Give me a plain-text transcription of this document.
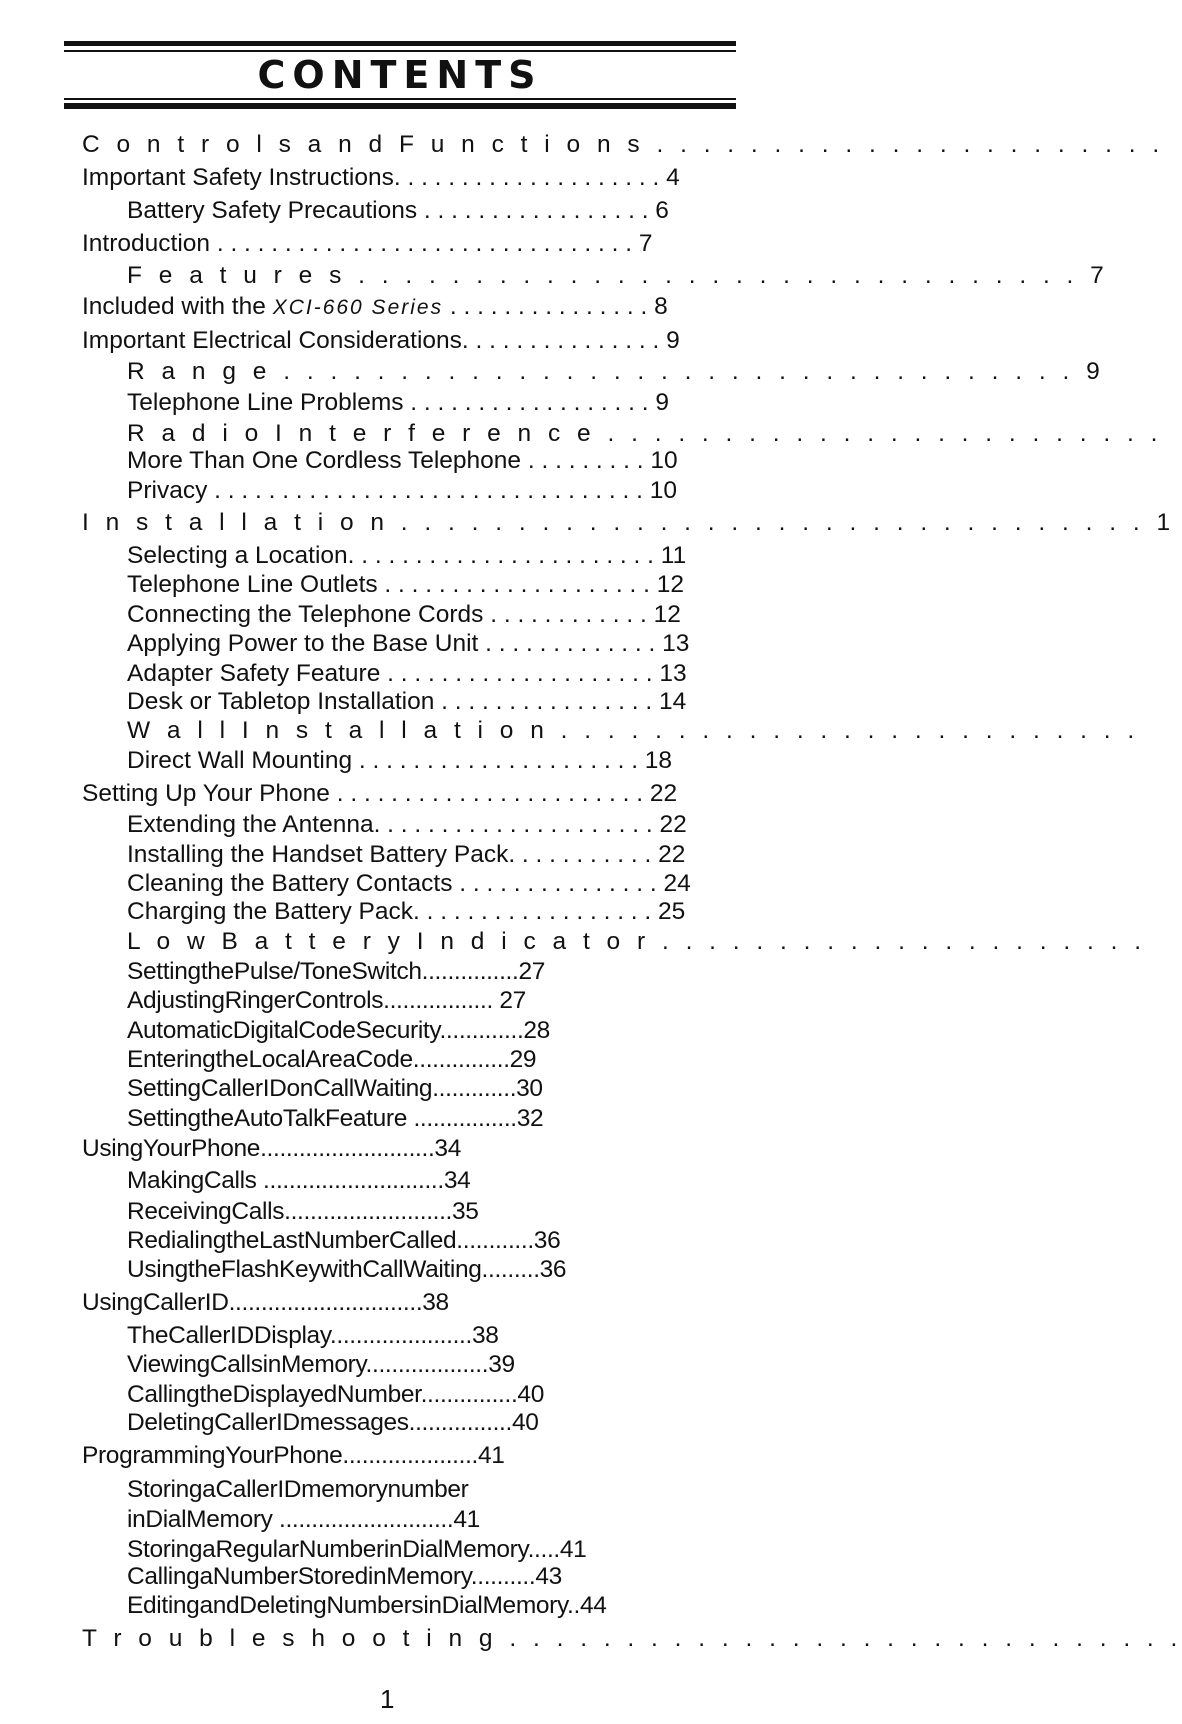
CONTENTS
C o n t r o l s a n d F u n c t i o n s . . . . . . . . . . . . . . . . . . . . . .
Important Safety Instructions. . . . . . . . . . . . . . . . . . . . 4
Battery Safety Precautions . . . . . . . . . . . . . . . . . 6
Introduction . . . . . . . . . . . . . . . . . . . . . . . . . . . . . . . 7
F e a t u r e s . . . . . . . . . . . . . . . . . . . . . . . . . . . . . . . 7
Included with the XCI-660 Series . . . . . . . . . . . . . . . 8
Important Electrical Considerations. . . . . . . . . . . . . . . 9
R a n g e . . . . . . . . . . . . . . . . . . . . . . . . . . . . . . . . . . 9
Telephone Line Problems . . . . . . . . . . . . . . . . . . 9
R a d i o I n t e r f e r e n c e . . . . . . . . . . . . . . . . . . . . . . . .
More Than One Cordless Telephone . . . . . . . . . 10
Privacy . . . . . . . . . . . . . . . . . . . . . . . . . . . . . . . . 10
I n s t a l l a t i o n . . . . . . . . . . . . . . . . . . . . . . . . . . . . . . . . 1
Selecting a Location. . . . . . . . . . . . . . . . . . . . . . . 11
Telephone Line Outlets . . . . . . . . . . . . . . . . . . . . 12
Connecting the Telephone Cords . . . . . . . . . . . . 12
Applying Power to the Base Unit . . . . . . . . . . . . . 13
Adapter Safety Feature . . . . . . . . . . . . . . . . . . . . 13
Desk or Tabletop Installation . . . . . . . . . . . . . . . . 14
W a l l I n s t a l l a t i o n . . . . . . . . . . . . . . . . . . . . . . . . .
Direct Wall Mounting . . . . . . . . . . . . . . . . . . . . . 18
Setting Up Your Phone . . . . . . . . . . . . . . . . . . . . . . . 22
Extending the Antenna. . . . . . . . . . . . . . . . . . . . . 22
Installing the Handset Battery Pack. . . . . . . . . . . 22
Cleaning the Battery Contacts . . . . . . . . . . . . . . . 24
Charging the Battery Pack. . . . . . . . . . . . . . . . . . 25
L o w B a t t e r y I n d i c a t o r . . . . . . . . . . . . . . . . . . . . .
SettingthePulse/ToneSwitch...............27
AdjustingRingerControls................. 27
AutomaticDigitalCodeSecurity.............28
EnteringtheLocalAreaCode...............29
SettingCallerIDonCallWaiting.............30
SettingtheAutoTalkFeature ................32
UsingYourPhone...........................34
MakingCalls ............................34
ReceivingCalls..........................35
RedialingtheLastNumberCalled............36
UsingtheFlashKeywithCallWaiting.........36
UsingCallerID..............................38
TheCallerIDDisplay......................38
ViewingCallsinMemory...................39
CallingtheDisplayedNumber...............40
DeletingCallerIDmessages................40
ProgrammingYourPhone.....................41
StoringaCallerIDmemorynumber
inDialMemory ...........................41
StoringaRegularNumberinDialMemory.....41
CallingaNumberStoredinMemory..........43
EditingandDeletingNumbersinDialMemory..44
T r o u b l e s h o o t i n g . . . . . . . . . . . . . . . . . . . . . . . . . . . . .
1
